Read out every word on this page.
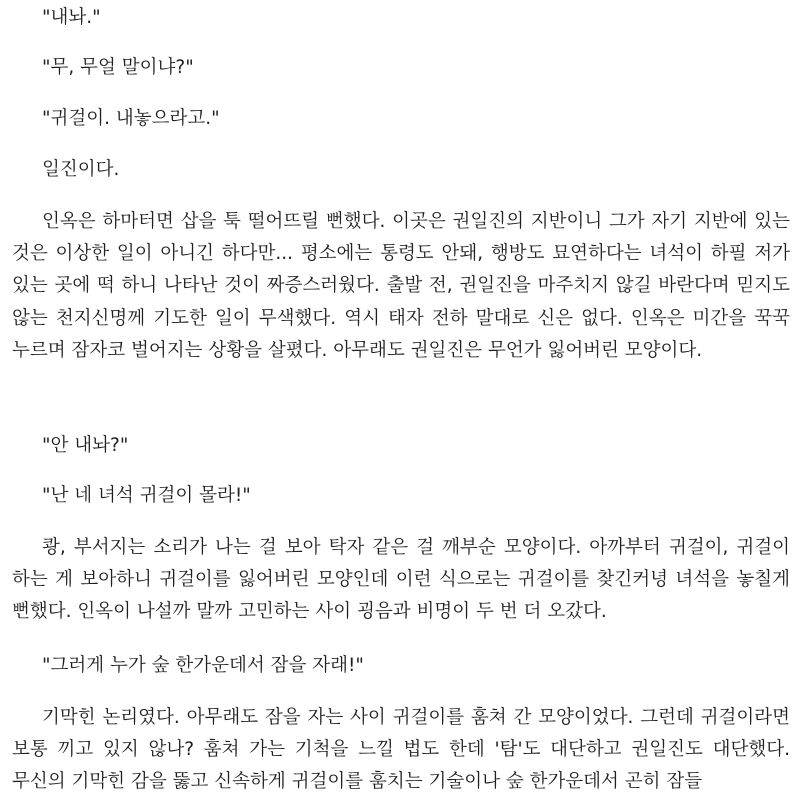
"내놔."

"무, 무얼 말이냐?"

"귀걸이. 내놓으라고."

일진이다.

인옥은 하마터면 삽을 툭 떨어뜨릴 뻔했다. 이곳은 권일진의 지반이니 그가 자기 지반에 있는 것은 이상한 일이 아니긴 하다만... 평소에는 통령도 안돼, 행방도 묘연하다는 녀석이 하필 저가 있는 곳에 떡 하니 나타난 것이 짜증스러웠다. 출발 전, 권일진을 마주치지 않길 바란다며 믿지도 않는 천지신명께 기도한 일이 무색했다. 역시 태자 전하 말대로 신은 없다. 인옥은 미간을 꾹꾹 누르며 잠자코 벌어지는 상황을 살폈다. 아무래도 권일진은 무언가 잃어버린 모양이다.

"안 내놔?"

"난 네 녀석 귀걸이 몰라!"

쾅, 부서지는 소리가 나는 걸 보아 탁자 같은 걸 깨부순 모양이다. 아까부터 귀걸이, 귀걸이 하는 게 보아하니 귀걸이를 잃어버린 모양인데 이런 식으로는 귀걸이를 찾긴커녕 녀석을 놓칠게 뻔했다. 인옥이 나설까 말까 고민하는 사이 굉음과 비명이 두 번 더 오갔다.

"그러게 누가 숲 한가운데서 잠을 자래!"

기막힌 논리였다. 아무래도 잠을 자는 사이 귀걸이를 훔쳐 간 모양이었다. 그런데 귀걸이라면 보통 끼고 있지 않나? 훔쳐 가는 기척을 느낄 법도 한데 '탐'도 대단하고 권일진도 대단했다. 무신의 기막힌 감을 뚫고 신속하게 귀걸이를 훔치는 기술이나 숲 한가운데서 곤히 잠들
